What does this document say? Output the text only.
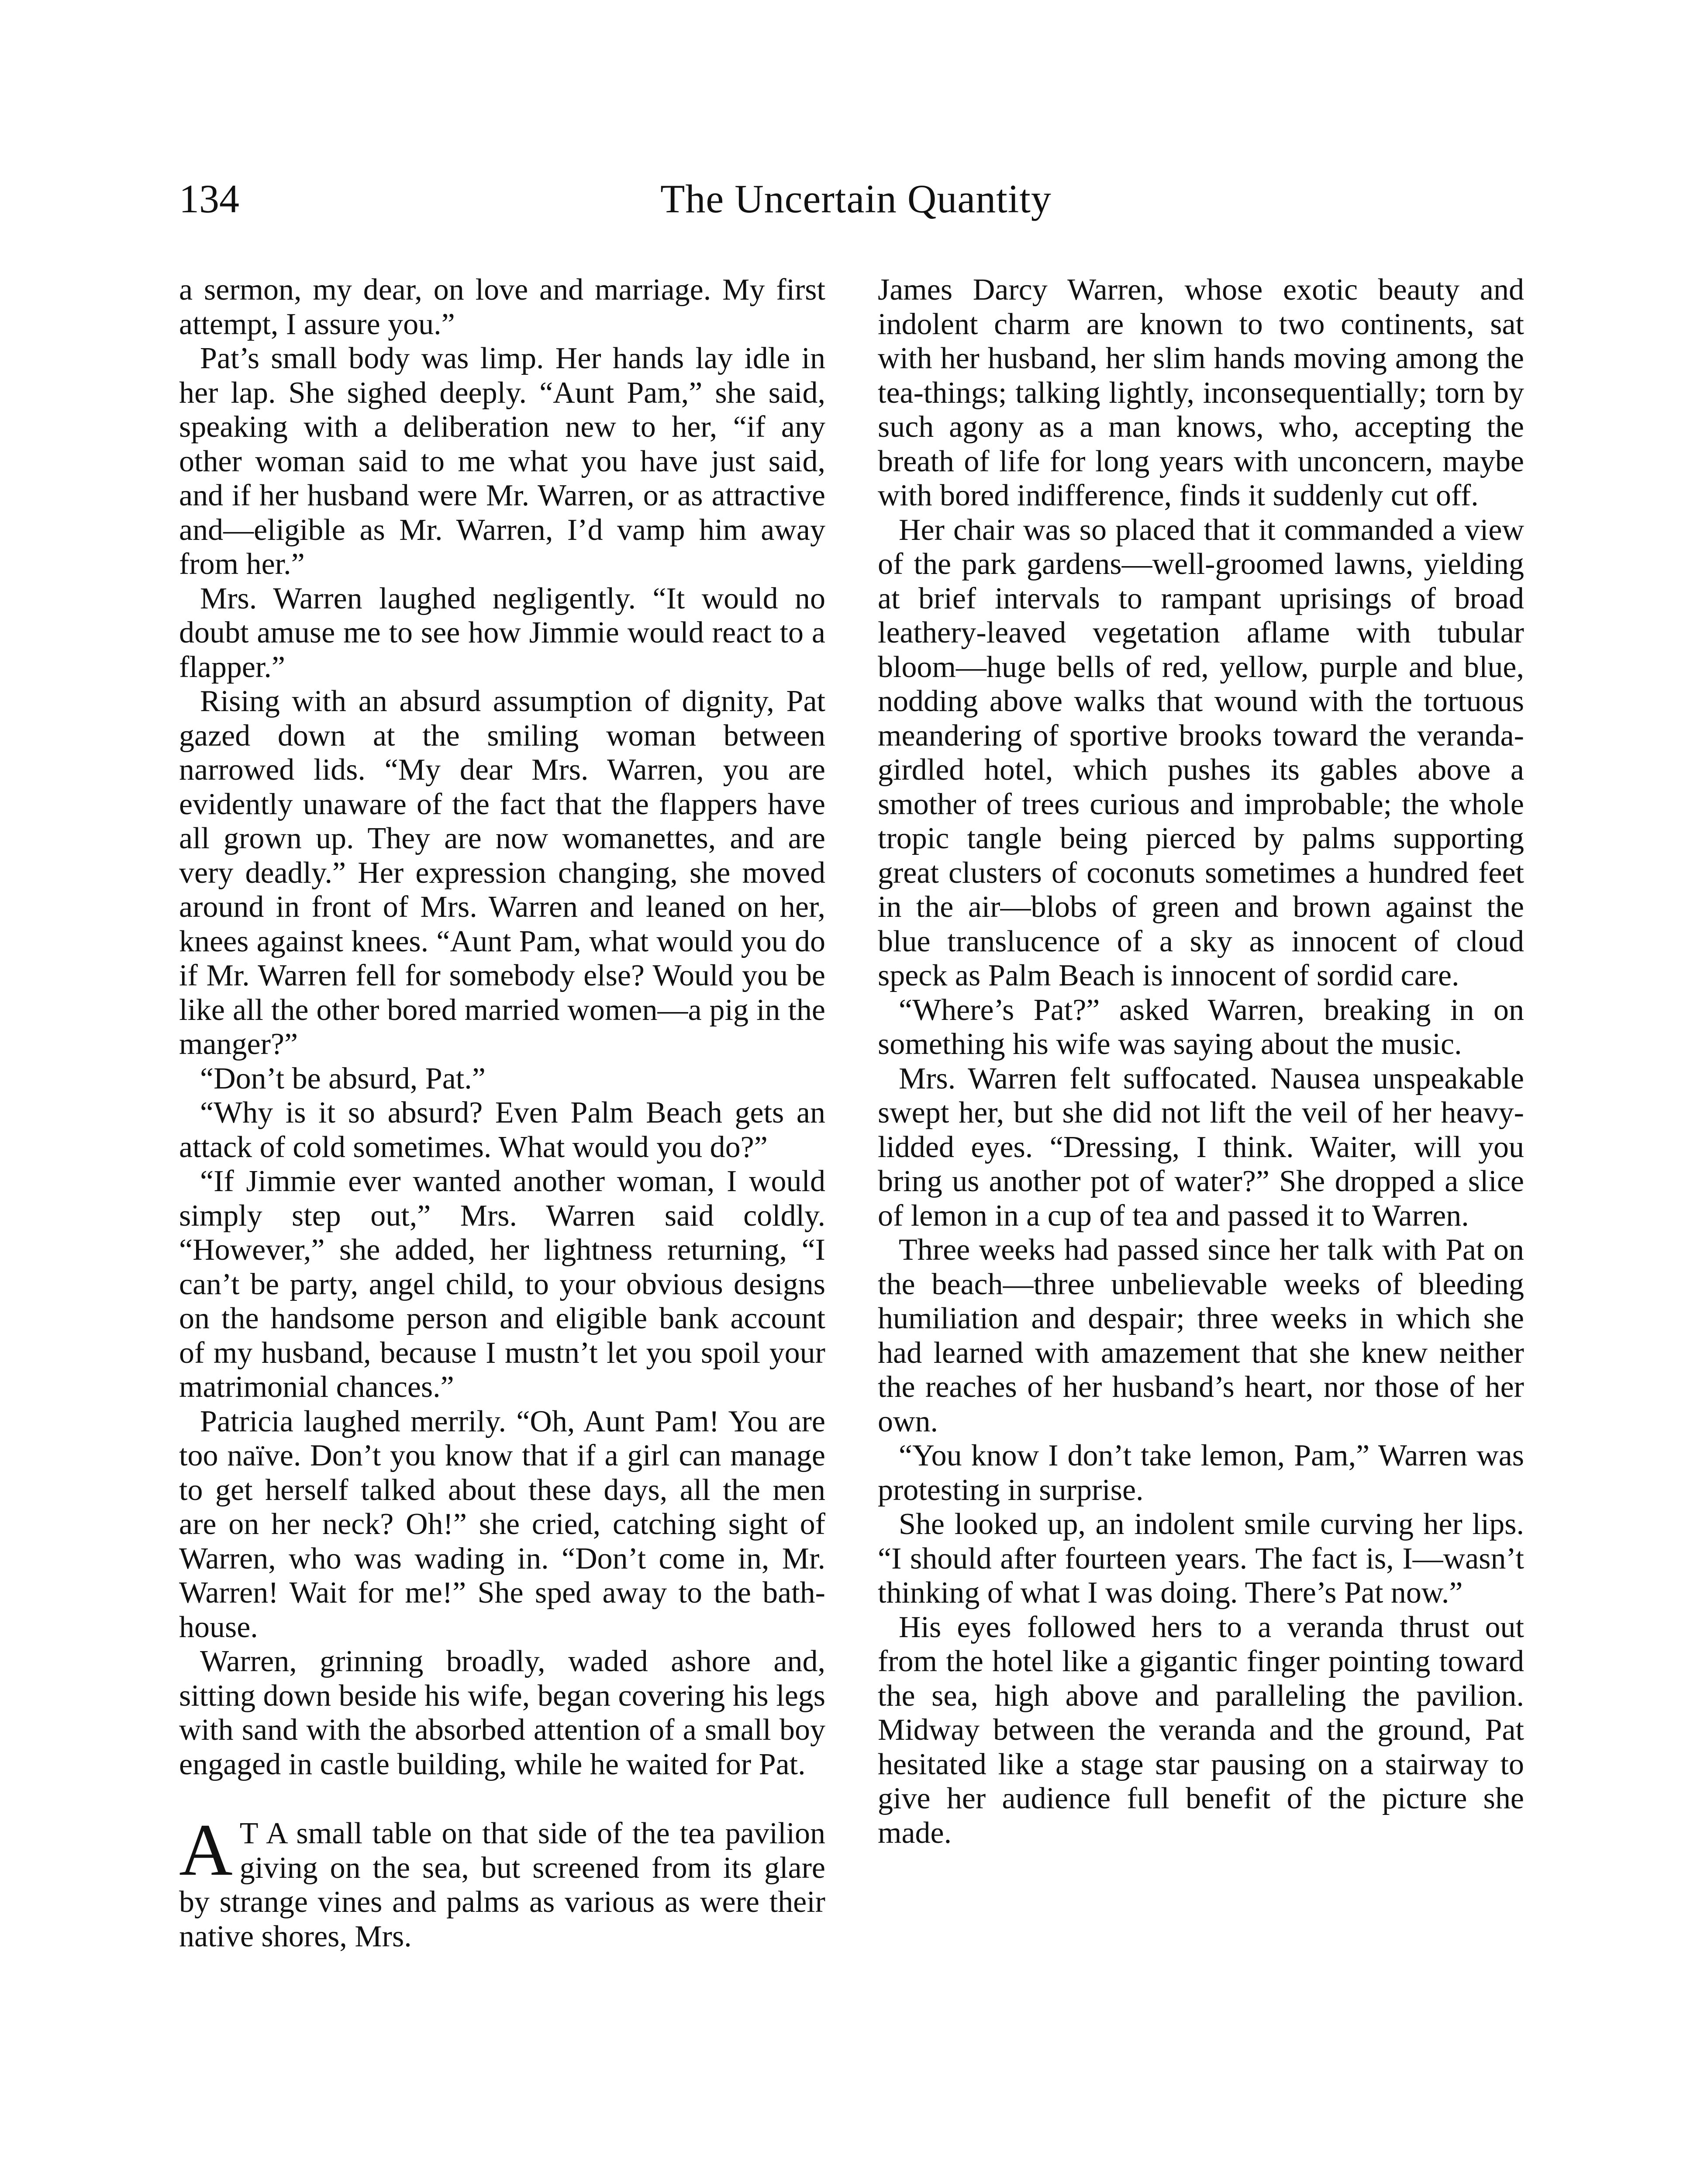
134	The Uncertain Quantity

a sermon, my dear, on love and marriage. My first attempt, I assure you.”

Pat’s small body was limp. Her hands lay idle in her lap. She sighed deeply. “Aunt Pam,” she said, speaking with a deliberation new to her, “if any other woman said to me what you have just said, and if her husband were Mr. Warren, or as attractive and—eligible as Mr. Warren, I’d vamp him away from her.”

Mrs. Warren laughed negligently. “It would no doubt amuse me to see how Jimmie would react to a flapper.”

Rising with an absurd assumption of dignity, Pat gazed down at the smiling woman between narrowed lids. “My dear Mrs. Warren, you are evidently unaware of the fact that the flappers have all grown up. They are now womanettes, and are very deadly.” Her expression changing, she moved around in front of Mrs. Warren and leaned on her, knees against knees. “Aunt Pam, what would you do if Mr. Warren fell for somebody else? Would you be like all the other bored married women—a pig in the manger?”

“Don’t be absurd, Pat.”

“Why is it so absurd? Even Palm Beach gets an attack of cold sometimes. What would you do?”

“If Jimmie ever wanted another woman, I would simply step out,” Mrs. Warren said coldly. “However,” she added, her lightness returning, “I can’t be party, angel child, to your obvious designs on the handsome person and eligible bank account of my husband, because I mustn’t let you spoil your matrimonial chances.”

Patricia laughed merrily. “Oh, Aunt Pam! You are too naïve. Don’t you know that if a girl can manage to get herself talked about these days, all the men are on her neck? Oh!” she cried, catching sight of Warren, who was wading in. “Don’t come in, Mr. Warren! Wait for me!” She sped away to the bath-house.

Warren, grinning broadly, waded ashore and, sitting down beside his wife, began covering his legs with sand with the absorbed attention of a small boy engaged in castle building, while he waited for Pat.

A T A small table on that side of the tea pavilion giving on the sea, but screened from its glare by strange vines and palms as various as were their native shores, Mrs.

James Darcy Warren, whose exotic beauty and indolent charm are known to two continents, sat with her husband, her slim hands moving among the tea-things; talking lightly, inconsequentially; torn by such agony as a man knows, who, accepting the breath of life for long years with unconcern, maybe with bored indifference, finds it suddenly cut off.

Her chair was so placed that it commanded a view of the park gardens—well-groomed lawns, yielding at brief intervals to rampant uprisings of broad leathery-leaved vegetation aflame with tubular bloom—huge bells of red, yellow, purple and blue, nodding above walks that wound with the tortuous meandering of sportive brooks toward the veranda-girdled hotel, which pushes its gables above a smother of trees curious and improbable; the whole tropic tangle being pierced by palms supporting great clusters of coconuts sometimes a hundred feet in the air—blobs of green and brown against the blue translucence of a sky as innocent of cloud speck as Palm Beach is innocent of sordid care.

“Where’s Pat?” asked Warren, breaking in on something his wife was saying about the music.

Mrs. Warren felt suffocated. Nausea unspeakable swept her, but she did not lift the veil of her heavy-lidded eyes. “Dressing, I think. Waiter, will you bring us another pot of water?” She dropped a slice of lemon in a cup of tea and passed it to Warren.

Three weeks had passed since her talk with Pat on the beach—three unbelievable weeks of bleeding humiliation and despair; three weeks in which she had learned with amazement that she knew neither the reaches of her husband’s heart, nor those of her own.

“You know I don’t take lemon, Pam,” Warren was protesting in surprise.

She looked up, an indolent smile curving her lips. “I should after fourteen years. The fact is, I—wasn’t thinking of what I was doing. There’s Pat now.”

His eyes followed hers to a veranda thrust out from the hotel like a gigantic finger pointing toward the sea, high above and paralleling the pavilion. Midway between the veranda and the ground, Pat hesitated like a stage star pausing on a stairway to give her audience full benefit of the picture she made.
